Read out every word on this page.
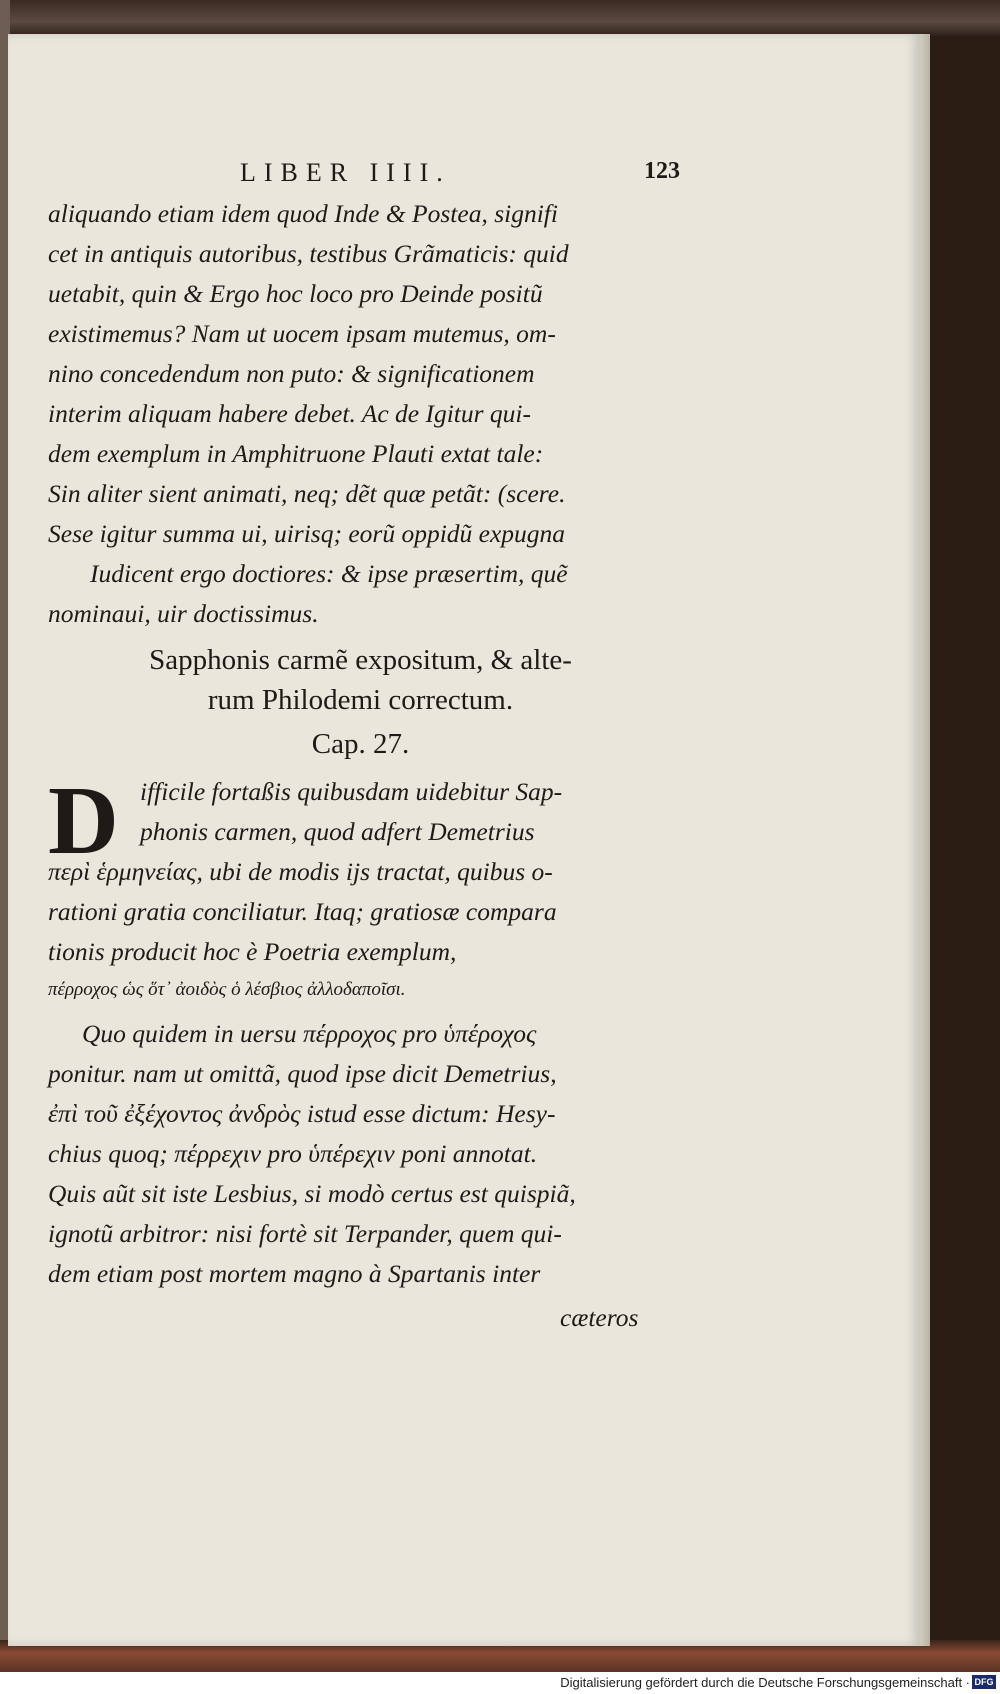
LIBER IIII.	123
aliquando etiam idem quod Inde & Postea, signifi
cet in antiquis autoribus, testibus Grãmaticis: quid
uetabit, quin & Ergo hoc loco pro Deinde positũ
existimemus? Nam ut uocem ipsam mutemus, om-
nino concedendum non puto: & significationem
interim aliquam habere debet. Ac de Igitur qui-
dem exemplum in Amphitruone Plauti extat tale:
Sin aliter sient animati, neq; dẽt quæ petãt: (scere.
Sese igitur summa ui, uirisq; eorũ oppidũ expugna
Iudicent ergo doctiores: & ipse præsertim, quẽ
nominaui, uir doctissimus.
Sapphonis carmẽ expositum, & alte-
rum Philodemi correctum.
Cap. 27.
D ifficile fortaßis quibusdam uidebitur Sap-
phonis carmen, quod adfert Demetrius
περὶ ἑρμηνείας, ubi de modis ijs tractat, quibus o-
rationi gratia conciliatur. Itaq; gratiosæ compara
tionis producit hoc è Poetria exemplum,
πέρροχος ὡς ὅτ᾽ ἀοιδὸς ὁ λέσβιος ἀλλοδαποῖσι.
Quo quidem in uersu πέρροχος pro ὑπέροχος
ponitur. nam ut omittã, quod ipse dicit Demetrius,
ἐπὶ τοῦ ἐξέχοντος ἀνδρὸς istud esse dictum: Hesy-
chius quoq; πέρρεχιν pro ὑπέρεχιν poni annotat.
Quis aũt sit iste Lesbius, si modò certus est quispiã,
ignotũ arbitror: nisi fortè sit Terpander, quem qui-
dem etiam post mortem magno à Spartanis inter
cæteros
Digitalisierung gefördert durch die Deutsche Forschungsgemeinschaft · DFG
